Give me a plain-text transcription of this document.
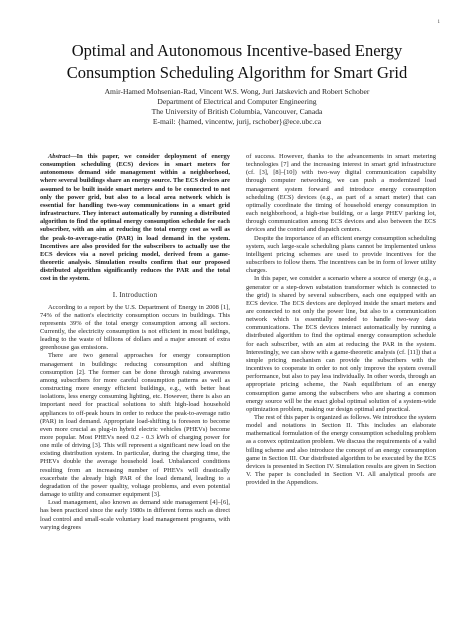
1
Optimal and Autonomous Incentive-based Energy
Consumption Scheduling Algorithm for Smart Grid
Amir-Hamed Mohsenian-Rad, Vincent W.S. Wong, Juri Jatskevich and Robert Schober
Department of Electrical and Computer Engineering
The University of British Columbia, Vancouver, Canada
E-mail: {hamed, vincentw, jurij, rschober}@ece.ubc.ca

Abstract—In this paper, we consider deployment of energy consumption scheduling (ECS) devices in smart meters for autonomous demand side management within a neighborhood, where several buildings share an energy source. The ECS devices are assumed to be built inside smart meters and to be connected to not only the power grid, but also to a local area network which is essential for handling two-way communications in a smart grid infrastructure. They interact automatically by running a distributed algorithm to find the optimal energy consumption schedule for each subscriber, with an aim at reducing the total energy cost as well as the peak-to-average-ratio (PAR) in load demand in the system. Incentives are also provided for the subscribers to actually use the ECS devices via a novel pricing model, derived from a game-theoretic analysis. Simulation results confirm that our proposed distributed algorithm significantly reduces the PAR and the total cost in the system.

I. Introduction

According to a report by the U.S. Department of Energy in 2008 [1], 74% of the nation's electricity consumption occurs in buildings. This represents 39% of the total energy consumption among all sectors. Currently, the electricity consumption is not efficient in most buildings, leading to the waste of billions of dollars and a major amount of extra greenhouse gas emissions.

There are two general approaches for energy consumption management in buildings: reducing consumption and shifting consumption [2]. The former can be done through raising awareness among subscribers for more careful consumption patterns as well as constructing more energy efficient buildings, e.g., with better heat isolations, less energy consuming lighting, etc. However, there is also an important need for practical solutions to shift high-load household appliances to off-peak hours in order to reduce the peak-to-average ratio (PAR) in load demand. Appropriate load-shifting is foreseen to become even more crucial as plug-in hybrid electric vehicles (PHEVs) become more popular. Most PHEVs need 0.2 - 0.3 kWh of charging power for one mile of driving [3]. This will represent a significant new load on the existing distribution system. In particular, during the charging time, the PHEVs double the average household load. Unbalanced conditions resulting from an increasing number of PHEVs will drastically exacerbate the already high PAR of the load demand, leading to a degradation of the power quality, voltage problems, and even potential damage to utility and consumer equipment [3].

Load management, also known as demand side management [4]–[6], has been practiced since the early 1980s in different forms such as direct load control and small-scale voluntary load management programs, with varying degrees

of success. However, thanks to the advancements in smart metering technologies [7] and the increasing interest in smart grid infrastructure (cf. [3], [8]–[10]) with two-way digital communication capability through computer networking, we can push a modernized load management system forward and introduce energy consumption scheduling (ECS) devices (e.g., as part of a smart meter) that can optimally coordinate the timing of household energy consumption in each neighborhood, a high-rise building, or a large PHEV parking lot, through communication among ECS devices and also between the ECS devices and the control and dispatch centers.

Despite the importance of an efficient energy consumption scheduling system, such large-scale scheduling plans cannot be implemented unless intelligent pricing schemes are used to provide incentives for the subscribers to follow them. The incentives can be in form of lower utility charges.

In this paper, we consider a scenario where a source of energy (e.g., a generator or a step-down substation transformer which is connected to the grid) is shared by several subscribers, each one equipped with an ECS device. The ECS devices are deployed inside the smart meters and are connected to not only the power line, but also to a communication network which is essentially needed to handle two-way data communications. The ECS devices interact automatically by running a distributed algorithm to find the optimal energy consumption schedule for each subscriber, with an aim at reducing the PAR in the system. Interestingly, we can show with a game-theoretic analysis (cf. [11]) that a simple pricing mechanism can provide the subscribers with the incentives to cooperate in order to not only improve the system overall performance, but also to pay less individually. In other words, through an appropriate pricing scheme, the Nash equilibrium of an energy consumption game among the subscribers who are sharing a common energy source will be the exact global optimal solution of a system-wide optimization problem, making our design optimal and practical.

The rest of this paper is organized as follows. We introduce the system model and notations in Section II. This includes an elaborate mathematical formulation of the energy consumption scheduling problem as a convex optimization problem. We discuss the requirements of a valid billing scheme and also introduce the concept of an energy consumption game in Section III. Our distributed algorithm to be executed by the ECS devices is presented in Section IV. Simulation results are given in Section V. The paper is concluded in Section VI. All analytical proofs are provided in the Appendices.
